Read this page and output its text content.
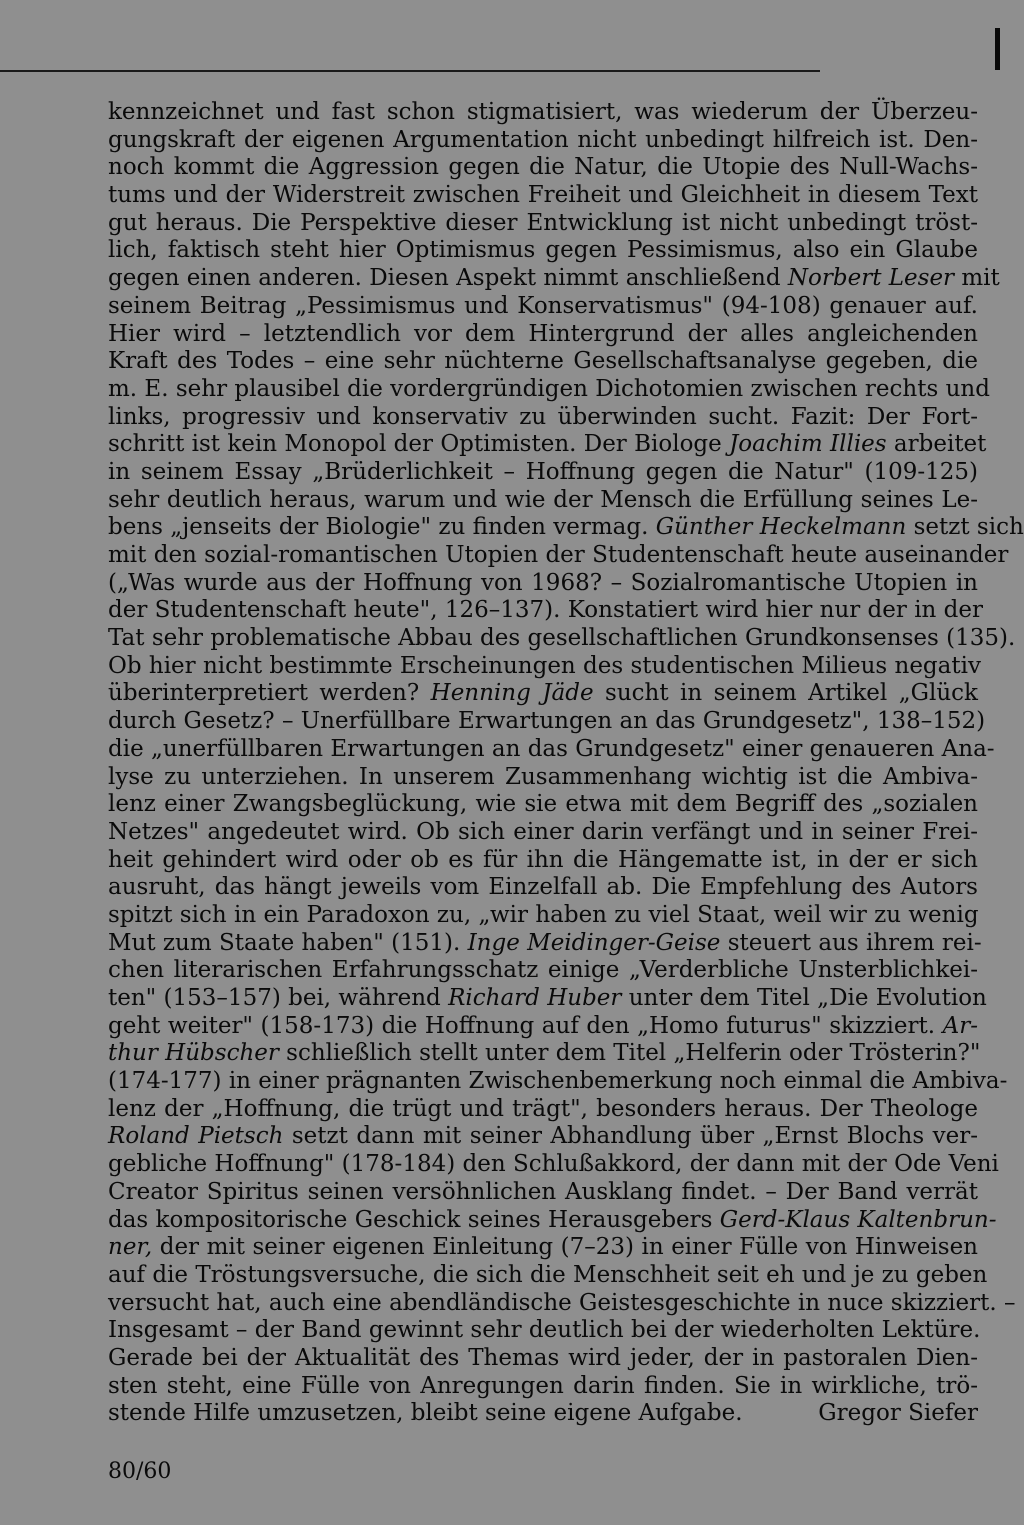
kennzeichnet und fast schon stigmatisiert, was wiederum der Überzeu-
gungskraft der eigenen Argumentation nicht unbedingt hilfreich ist. Den-
noch kommt die Aggression gegen die Natur, die Utopie des Null-Wachs-
tums und der Widerstreit zwischen Freiheit und Gleichheit in diesem Text
gut heraus. Die Perspektive dieser Entwicklung ist nicht unbedingt tröst-
lich, faktisch steht hier Optimismus gegen Pessimismus, also ein Glaube
gegen einen anderen. Diesen Aspekt nimmt anschließend Norbert Leser mit
seinem Beitrag „Pessimismus und Konservatismus" (94-108) genauer auf.
Hier wird – letztendlich vor dem Hintergrund der alles angleichenden
Kraft des Todes – eine sehr nüchterne Gesellschaftsanalyse gegeben, die
m. E. sehr plausibel die vordergründigen Dichotomien zwischen rechts und
links, progressiv und konservativ zu überwinden sucht. Fazit: Der Fort-
schritt ist kein Monopol der Optimisten. Der Biologe Joachim Illies arbeitet
in seinem Essay „Brüderlichkeit – Hoffnung gegen die Natur" (109-125)
sehr deutlich heraus, warum und wie der Mensch die Erfüllung seines Le-
bens „jenseits der Biologie" zu finden vermag. Günther Heckelmann setzt sich
mit den sozial-romantischen Utopien der Studentenschaft heute auseinander
(„Was wurde aus der Hoffnung von 1968? – Sozialromantische Utopien in
der Studentenschaft heute", 126–137). Konstatiert wird hier nur der in der
Tat sehr problematische Abbau des gesellschaftlichen Grundkonsenses (135).
Ob hier nicht bestimmte Erscheinungen des studentischen Milieus negativ
überinterpretiert werden? Henning Jäde sucht in seinem Artikel „Glück
durch Gesetz? – Unerfüllbare Erwartungen an das Grundgesetz", 138–152)
die „unerfüllbaren Erwartungen an das Grundgesetz" einer genaueren Ana-
lyse zu unterziehen. In unserem Zusammenhang wichtig ist die Ambiva-
lenz einer Zwangsbeglückung, wie sie etwa mit dem Begriff des „sozialen
Netzes" angedeutet wird. Ob sich einer darin verfängt und in seiner Frei-
heit gehindert wird oder ob es für ihn die Hängematte ist, in der er sich
ausruht, das hängt jeweils vom Einzelfall ab. Die Empfehlung des Autors
spitzt sich in ein Paradoxon zu, „wir haben zu viel Staat, weil wir zu wenig
Mut zum Staate haben" (151). Inge Meidinger-Geise steuert aus ihrem rei-
chen literarischen Erfahrungsschatz einige „Verderbliche Unsterblichkei-
ten" (153–157) bei, während Richard Huber unter dem Titel „Die Evolution
geht weiter" (158-173) die Hoffnung auf den „Homo futurus" skizziert. Ar-
thur Hübscher schließlich stellt unter dem Titel „Helferin oder Trösterin?"
(174-177) in einer prägnanten Zwischenbemerkung noch einmal die Ambiva-
lenz der „Hoffnung, die trügt und trägt", besonders heraus. Der Theologe
Roland Pietsch setzt dann mit seiner Abhandlung über „Ernst Blochs ver-
gebliche Hoffnung" (178-184) den Schlußakkord, der dann mit der Ode Veni
Creator Spiritus seinen versöhnlichen Ausklang findet. – Der Band verrät
das kompositorische Geschick seines Herausgebers Gerd-Klaus Kaltenbrun-
ner, der mit seiner eigenen Einleitung (7–23) in einer Fülle von Hinweisen
auf die Tröstungsversuche, die sich die Menschheit seit eh und je zu geben
versucht hat, auch eine abendländische Geistesgeschichte in nuce skizziert. –
Insgesamt – der Band gewinnt sehr deutlich bei der wiederholten Lektüre.
Gerade bei der Aktualität des Themas wird jeder, der in pastoralen Dien-
sten steht, eine Fülle von Anregungen darin finden. Sie in wirkliche, trö-
stende Hilfe umzusetzen, bleibt seine eigene Aufgabe.	Gregor Siefer
80/60
